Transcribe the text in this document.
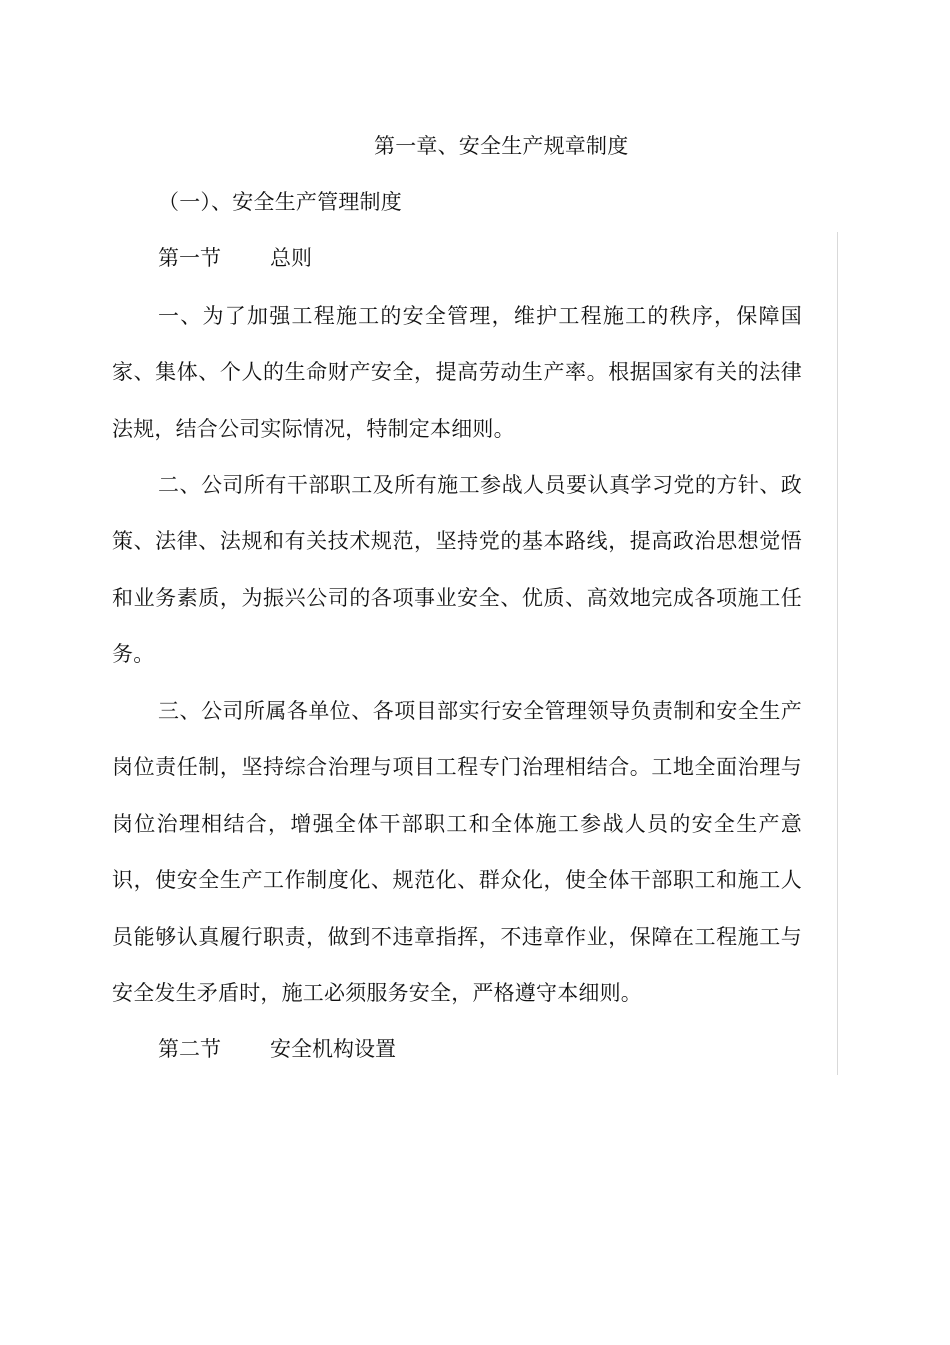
第一章、安全生产规章制度
（一）、安全生产管理制度
第一节 总则
一、为了加强工程施工的安全管理，维护工程施工的秩序，保障国家、集体、个人的生命财产安全，提高劳动生产率。根据国家有关的法律法规，结合公司实际情况，特制定本细则。
二、公司所有干部职工及所有施工参战人员要认真学习党的方针、政策、法律、法规和有关技术规范，坚持党的基本路线，提高政治思想觉悟和业务素质，为振兴公司的各项事业安全、优质、高效地完成各项施工任务。
三、公司所属各单位、各项目部实行安全管理领导负责制和安全生产岗位责任制，坚持综合治理与项目工程专门治理相结合。工地全面治理与岗位治理相结合，增强全体干部职工和全体施工参战人员的安全生产意识，使安全生产工作制度化、规范化、群众化，使全体干部职工和施工人员能够认真履行职责，做到不违章指挥，不违章作业，保障在工程施工与安全发生矛盾时，施工必须服务安全，严格遵守本细则。
第二节 安全机构设置
